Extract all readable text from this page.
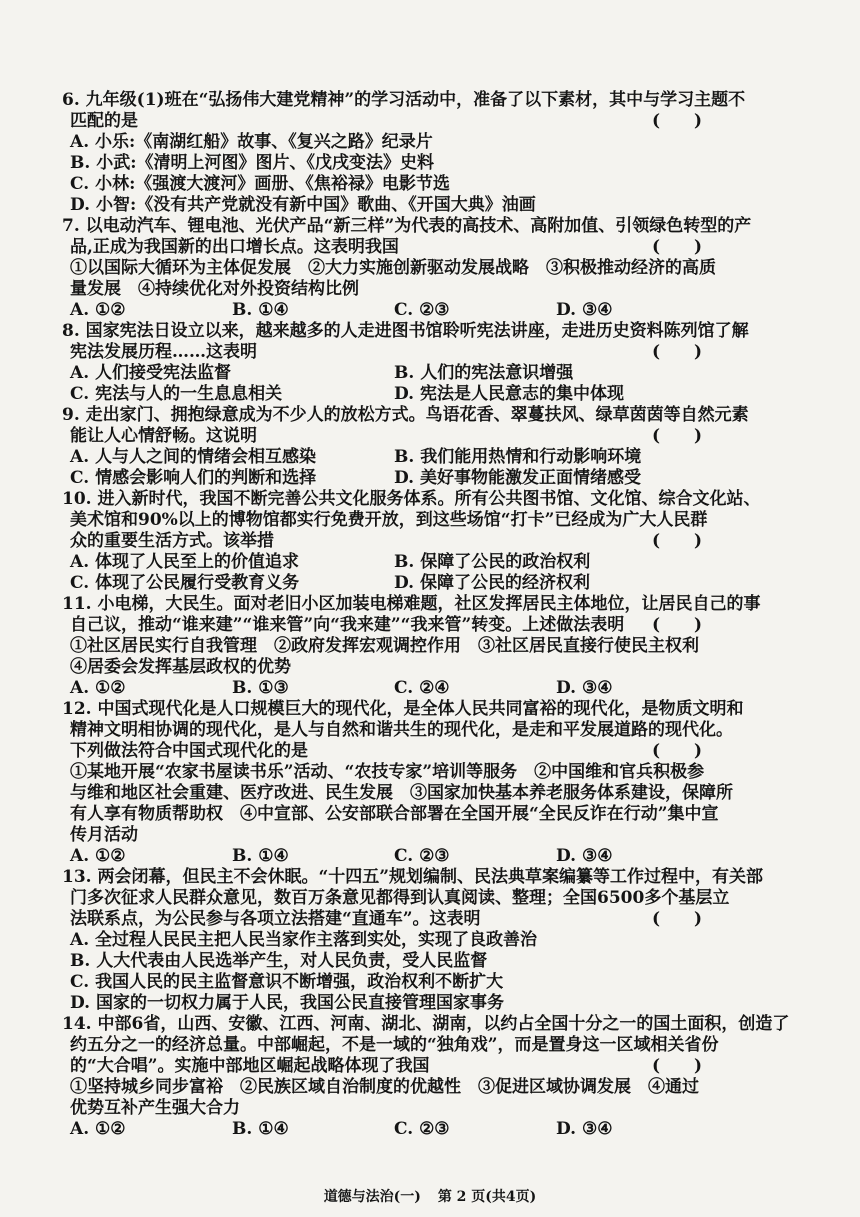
6. 九年级(1)班在“弘扬伟大建党精神”的学习活动中，准备了以下素材，其中与学习主题不
匹配的是	(　　)
A. 小乐:《南湖红船》故事、《复兴之路》纪录片
B. 小武:《清明上河图》图片、《戊戌变法》史料
C. 小林:《强渡大渡河》画册、《焦裕禄》电影节选
D. 小智:《没有共产党就没有新中国》歌曲、《开国大典》油画
7. 以电动汽车、锂电池、光伏产品“新三样”为代表的高技术、高附加值、引领绿色转型的产
品,正成为我国新的出口增长点。这表明我国	(　　)
①以国际大循环为主体促发展　②大力实施创新驱动发展战略　③积极推动经济的高质
量发展　④持续优化对外投资结构比例
A. ①②	B. ①④	C. ②③	D. ③④
8. 国家宪法日设立以来，越来越多的人走进图书馆聆听宪法讲座，走进历史资料陈列馆了解
宪法发展历程……这表明	(　　)
A. 人们接受宪法监督	B. 人们的宪法意识增强
C. 宪法与人的一生息息相关	D. 宪法是人民意志的集中体现
9. 走出家门、拥抱绿意成为不少人的放松方式。鸟语花香、翠蔓扶风、绿草茵茵等自然元素
能让人心情舒畅。这说明	(　　)
A. 人与人之间的情绪会相互感染	B. 我们能用热情和行动影响环境
C. 情感会影响人们的判断和选择	D. 美好事物能激发正面情绪感受
10. 进入新时代，我国不断完善公共文化服务体系。所有公共图书馆、文化馆、综合文化站、
美术馆和90%以上的博物馆都实行免费开放，到这些场馆“打卡”已经成为广大人民群
众的重要生活方式。该举措	(　　)
A. 体现了人民至上的价值追求	B. 保障了公民的政治权利
C. 体现了公民履行受教育义务	D. 保障了公民的经济权利
11. 小电梯，大民生。面对老旧小区加装电梯难题，社区发挥居民主体地位，让居民自己的事
自己议，推动“谁来建”“谁来管”向“我来建”“我来管”转变。上述做法表明 (　　)
①社区居民实行自我管理　②政府发挥宏观调控作用　③社区居民直接行使民主权利
④居委会发挥基层政权的优势
A. ①②	B. ①③	C. ②④	D. ③④
12. 中国式现代化是人口规模巨大的现代化，是全体人民共同富裕的现代化，是物质文明和
精神文明相协调的现代化，是人与自然和谐共生的现代化，是走和平发展道路的现代化。
下列做法符合中国式现代化的是	(　　)
①某地开展“农家书屋读书乐”活动、“农技专家”培训等服务　②中国维和官兵积极参
与维和地区社会重建、医疗改进、民生发展　③国家加快基本养老服务体系建设，保障所
有人享有物质帮助权　④中宣部、公安部联合部署在全国开展“全民反诈在行动”集中宣
传月活动
A. ①②	B. ①④	C. ②③	D. ③④
13. 两会闭幕，但民主不会休眠。“十四五”规划编制、民法典草案编纂等工作过程中，有关部
门多次征求人民群众意见，数百万条意见都得到认真阅读、整理；全国6500多个基层立
法联系点，为公民参与各项立法搭建“直通车”。这表明	(　　)
A. 全过程人民民主把人民当家作主落到实处，实现了良政善治
B. 人大代表由人民选举产生，对人民负责，受人民监督
C. 我国人民的民主监督意识不断增强，政治权利不断扩大
D. 国家的一切权力属于人民，我国公民直接管理国家事务
14. 中部6省，山西、安徽、江西、河南、湖北、湖南，以约占全国十分之一的国土面积，创造了
约五分之一的经济总量。中部崛起，不是一域的“独角戏”，而是置身这一区域相关省份
的“大合唱”。实施中部地区崛起战略体现了我国	(　　)
①坚持城乡同步富裕　②民族区域自治制度的优越性　③促进区域协调发展　④通过
优势互补产生强大合力
A. ①②	B. ①④	C. ②③	D. ③④
道德与法治(一) 第 2 页(共4页)
